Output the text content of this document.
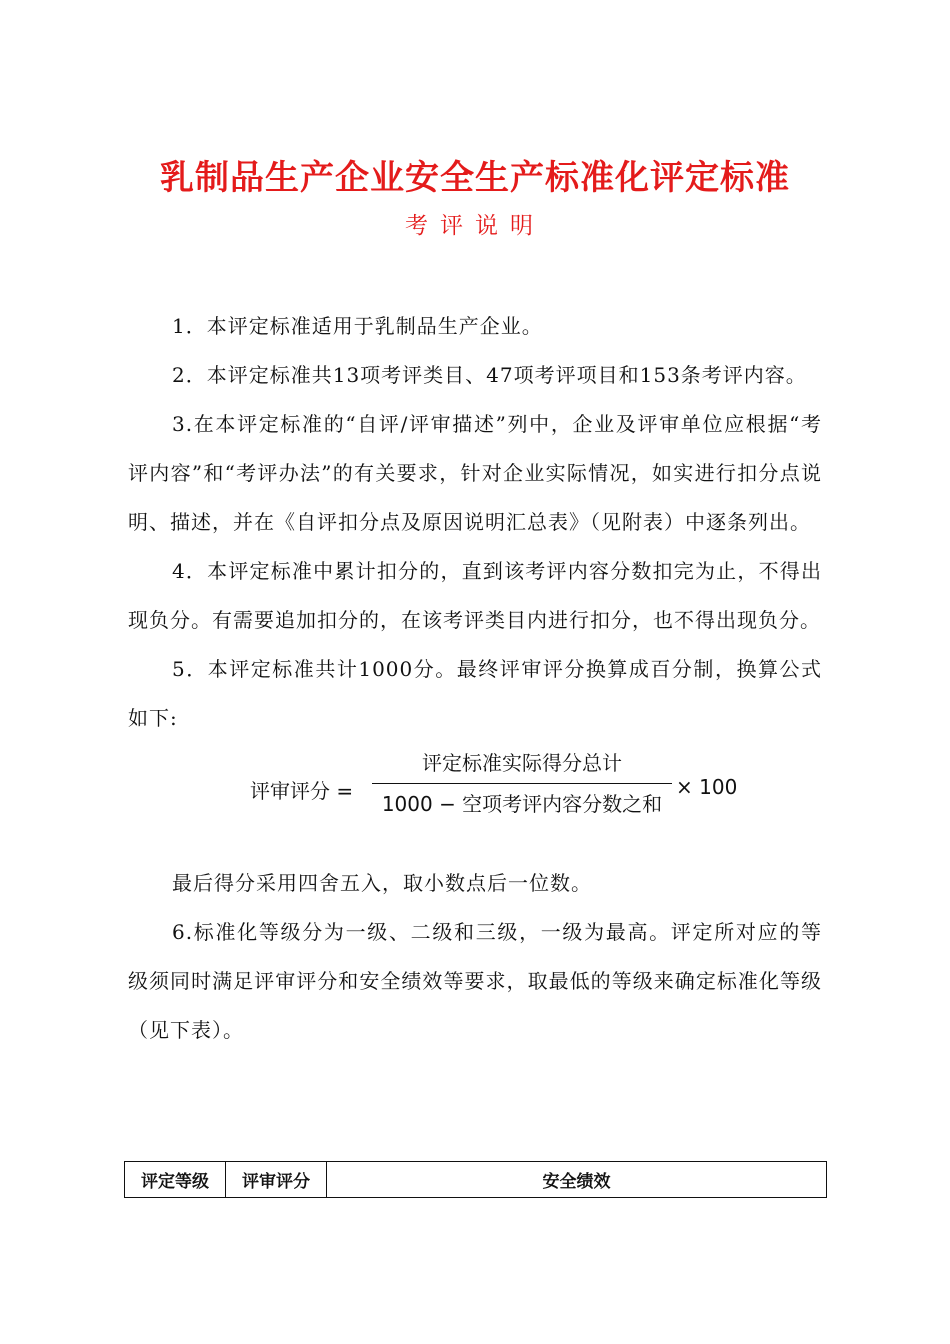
乳制品生产企业安全生产标准化评定标准
考评说明

1．本评定标准适用于乳制品生产企业。

2．本评定标准共13项考评类目、47项考评项目和153条考评内容。

3.在本评定标准的“自评/评审描述”列中，企业及评审单位应根据“考评内容”和“考评办法”的有关要求，针对企业实际情况，如实进行扣分点说明、描述，并在《自评扣分点及原因说明汇总表》（见附表）中逐条列出。

4．本评定标准中累计扣分的，直到该考评内容分数扣完为止，不得出现负分。有需要追加扣分的，在该考评类目内进行扣分，也不得出现负分。

5．本评定标准共计1000分。最终评审评分换算成百分制，换算公式如下:

评审评分 =
评定标准实际得分总计
1000 − 空项考评内容分数之和
× 100

最后得分采用四舍五入，取小数点后一位数。

6.标准化等级分为一级、二级和三级，一级为最高。评定所对应的等级须同时满足评审评分和安全绩效等要求，取最低的等级来确定标准化等级（见下表）。

评定等级	评审评分	安全绩效
